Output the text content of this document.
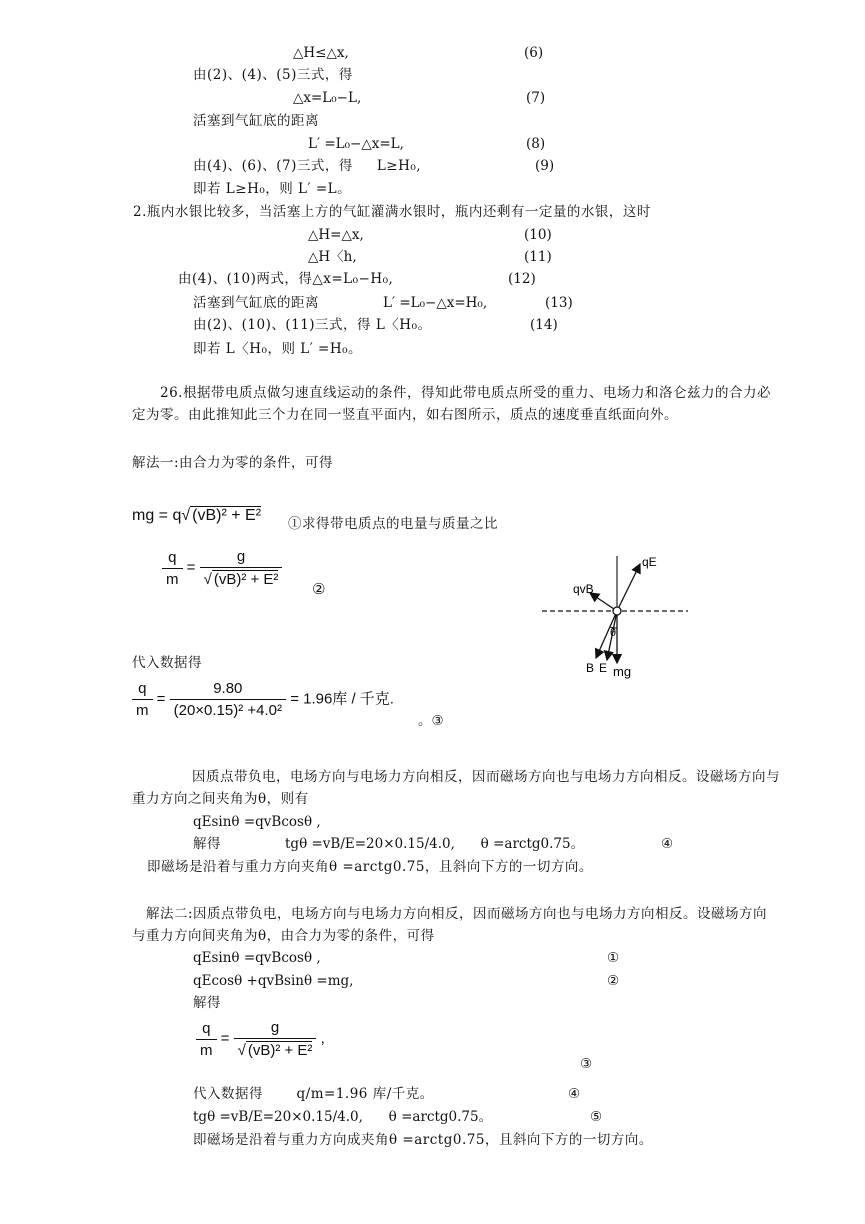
△H≤△x,	(6)
由(2)、(4)、(5)三式，得
△x=L₀−L,	(7)
活塞到气缸底的距离
L′ =L₀−△x=L,	(8)
由(4)、(6)、(7)三式，得     L≥H₀,	(9)
即若 L≥H₀，则 L′ =L。
2.瓶内水银比较多，当活塞上方的气缸灌满水银时，瓶内还剩有一定量的水银，这时
△H=△x,	(10)
△H〈h,	(11)
由(4)、(10)两式，得△x=L₀−H₀,	(12)
活塞到气缸底的距离	L′ =L₀−△x=H₀,	(13)
由(2)、(10)、(11)三式，得 L〈H₀。	(14)
即若 L〈H₀，则 L′ =H₀。
26.根据带电质点做匀速直线运动的条件，得知此带电质点所受的重力、电场力和洛仑兹力的合力必定为零。由此推知此三个力在同一竖直平面内，如右图所示，质点的速度垂直纸面向外。
解法一:由合力为零的条件，可得
mg = q√ (vB)² + E² ①求得带电质点的电量与质量之比
$\frac{q}{m} = \frac{g}{\text{√ (vB)² + E²}}$
②
qE
qvB
θ
B E mg
代入数据得
$\frac{q}{m} = \frac{9.80}{\text{(20×0.15)² +4.0²}} = 1.96$库 / 千克.
。③
因质点带负电，电场方向与电场力方向相反，因而磁场方向也与电场力方向相反。设磁场方向与重力方向之间夹角为θ，则有
qEsinθ =qvBcosθ ,
解得	tgθ =vB/E=20×0.15/4.0,      θ =arctg0.75。	④
即磁场是沿着与重力方向夹角θ =arctg0.75，且斜向下方的一切方向。
解法二:因质点带负电，电场方向与电场力方向相反，因而磁场方向也与电场力方向相反。设磁场方向与重力方向间夹角为θ，由合力为零的条件，可得
qEsinθ =qvBcosθ ,	①
qEcosθ +qvBsinθ =mg,	②
解得
$\frac{q}{m} = \frac{g}{\text{√ (vB)² + E²}}$ ,
③
代入数据得       q/m=1.96 库/千克。	④
tgθ =vB/E=20×0.15/4.0,      θ =arctg0.75。	⑤
即磁场是沿着与重力方向成夹角θ =arctg0.75，且斜向下方的一切方向。
